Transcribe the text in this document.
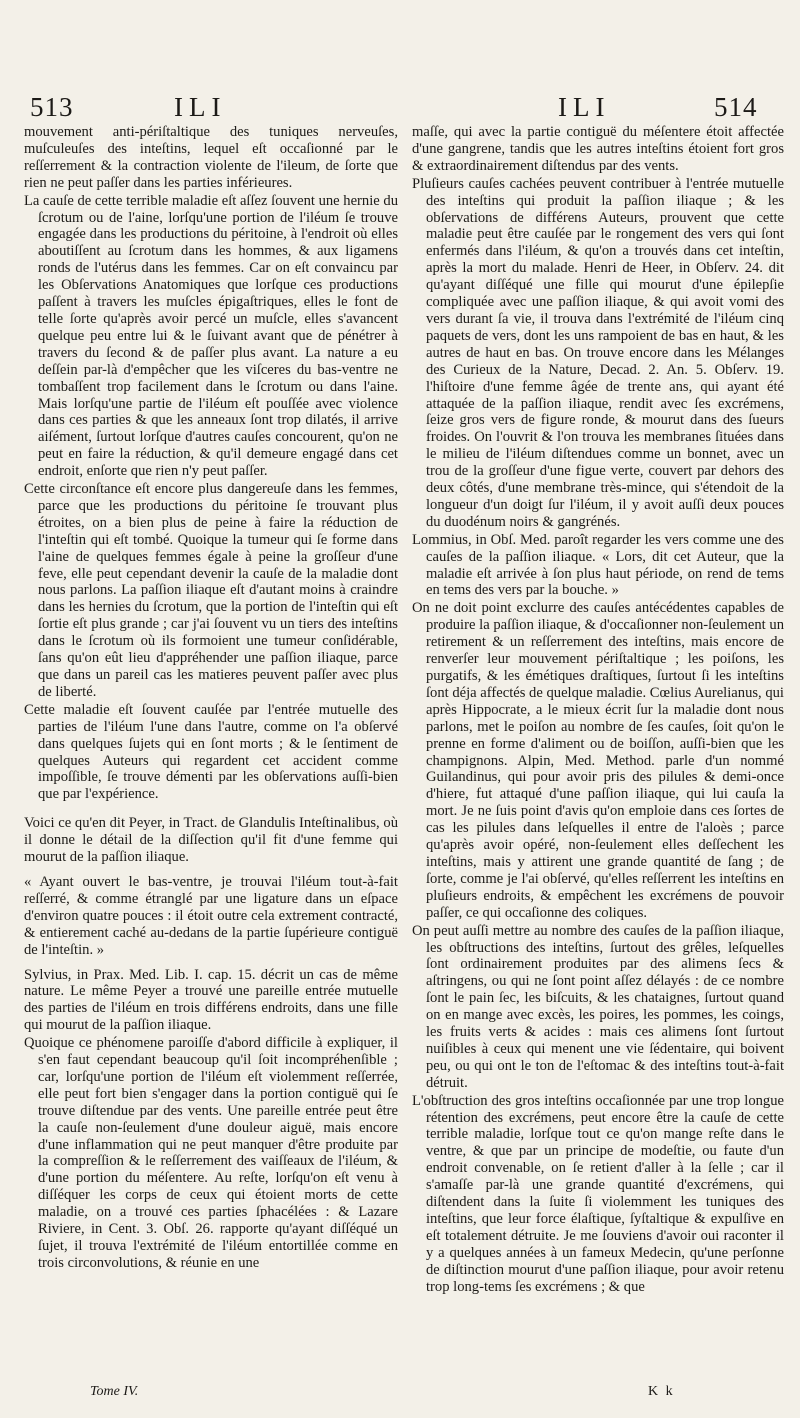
513	ILI	ILI	514

mouvement anti-périſtaltique des tuniques nerveuſes, muſculeuſes des inteſtins, lequel eſt occaſionné par le reſſerrement & la contraction violente de l'ileum, de ſorte que rien ne peut paſſer dans les parties inférieures.

La cauſe de cette terrible maladie eſt aſſez ſouvent une hernie du ſcrotum ou de l'aine, lorſqu'une portion de l'iléum ſe trouve engagée dans les productions du péritoine, à l'endroit où elles aboutiſſent au ſcrotum dans les hommes, & aux ligamens ronds de l'utérus dans les femmes. Car on eſt convaincu par les Obſervations Anatomiques que lorſque ces productions paſſent à travers les muſcles épigaſtriques, elles le font de telle ſorte qu'après avoir percé un muſcle, elles s'avancent quelque peu entre lui & le ſuivant avant que de pénétrer à travers du ſecond & de paſſer plus avant. La nature a eu deſſein par-là d'empêcher que les viſceres du bas-ventre ne tombaſſent trop facilement dans le ſcrotum ou dans l'aine. Mais lorſqu'une partie de l'iléum eſt pouſſée avec violence dans ces parties & que les anneaux ſont trop dilatés, il arrive aiſément, ſurtout lorſque d'autres cauſes concourent, qu'on ne peut en faire la réduction, & qu'il demeure engagé dans cet endroit, enſorte que rien n'y peut paſſer.

Cette circonſtance eſt encore plus dangereuſe dans les femmes, parce que les productions du péritoine ſe trouvant plus étroites, on a bien plus de peine à faire la réduction de l'inteſtin qui eſt tombé. Quoique la tumeur qui ſe forme dans l'aine de quelques femmes égale à peine la groſſeur d'une feve, elle peut cependant devenir la cauſe de la maladie dont nous parlons. La paſſion iliaque eſt d'autant moins à craindre dans les hernies du ſcrotum, que la portion de l'inteſtin qui eſt ſortie eſt plus grande ; car j'ai ſouvent vu un tiers des inteſtins dans le ſcrotum où ils formoient une tumeur conſidérable, ſans qu'on eût lieu d'appréhender une paſſion iliaque, parce que dans un pareil cas les matieres peuvent paſſer avec plus de liberté.

Cette maladie eſt ſouvent cauſée par l'entrée mutuelle des parties de l'iléum l'une dans l'autre, comme on l'a obſervé dans quelques ſujets qui en ſont morts ; & le ſentiment de quelques Auteurs qui regardent cet accident comme impoſſible, ſe trouve démenti par les obſervations auſſi-bien que par l'expérience.

Voici ce qu'en dit Peyer, in Tract. de Glandulis Inteſtinalibus, où il donne le détail de la diſſection qu'il fit d'une femme qui mourut de la paſſion iliaque.

« Ayant ouvert le bas-ventre, je trouvai l'iléum tout-à-fait reſſerré, & comme étranglé par une ligature dans un eſpace d'environ quatre pouces : il étoit outre cela extrement contracté, & entierement caché au-dedans de la partie ſupérieure contiguë de l'inteſtin. »

Sylvius, in Prax. Med. Lib. I. cap. 15. décrit un cas de même nature. Le même Peyer a trouvé une pareille entrée mutuelle des parties de l'iléum en trois différens endroits, dans une fille qui mourut de la paſſion iliaque.

Quoique ce phénomene paroiſſe d'abord difficile à expliquer, il s'en faut cependant beaucoup qu'il ſoit incompréhenſible ; car, lorſqu'une portion de l'iléum eſt violemment reſſerrée, elle peut fort bien s'engager dans la portion contiguë qui ſe trouve diſtendue par des vents. Une pareille entrée peut être la cauſe non-ſeulement d'une douleur aiguë, mais encore d'une inflammation qui ne peut manquer d'être produite par la compreſſion & le reſſerrement des vaiſſeaux de l'iléum, & d'une portion du méſentere. Au reſte, lorſqu'on eſt venu à diſſéquer les corps de ceux qui étoient morts de cette maladie, on a trouvé ces parties ſphacélées : & Lazare Riviere, in Cent. 3. Obſ. 26. rapporte qu'ayant diſſéqué un ſujet, il trouva l'extrémité de l'iléum entortillée comme en trois circonvolutions, & réunie en une

maſſe, qui avec la partie contiguë du méſentere étoit affectée d'une gangrene, tandis que les autres inteſtins étoient fort gros & extraordinairement diſtendus par des vents.

Pluſieurs cauſes cachées peuvent contribuer à l'entrée mutuelle des inteſtins qui produit la paſſion iliaque ; & les obſervations de différens Auteurs, prouvent que cette maladie peut être cauſée par le rongement des vers qui ſont enfermés dans l'iléum, & qu'on a trouvés dans cet inteſtin, après la mort du malade. Henri de Heer, in Obſerv. 24. dit qu'ayant diſſéqué une fille qui mourut d'une épilepſie compliquée avec une paſſion iliaque, & qui avoit vomi des vers durant ſa vie, il trouva dans l'extrémité de l'iléum cinq paquets de vers, dont les uns rampoient de bas en haut, & les autres de haut en bas. On trouve encore dans les Mélanges des Curieux de la Nature, Decad. 2. An. 5. Obſerv. 19. l'hiſtoire d'une femme âgée de trente ans, qui ayant été attaquée de la paſſion iliaque, rendit avec ſes excrémens, ſeize gros vers de figure ronde, & mourut dans des ſueurs froides. On l'ouvrit & l'on trouva les membranes ſituées dans le milieu de l'iléum diſtendues comme un bonnet, avec un trou de la groſſeur d'une figue verte, couvert par dehors des deux côtés, d'une membrane très-mince, qui s'étendoit de la longueur d'un doigt ſur l'iléum, il y avoit auſſi deux pouces du duodénum noirs & gangrénés.

Lommius, in Obſ. Med. paroît regarder les vers comme une des cauſes de la paſſion iliaque. « Lors, dit cet Auteur, que la maladie eſt arrivée à ſon plus haut période, on rend de tems en tems des vers par la bouche. »

On ne doit point exclurre des cauſes antécédentes capables de produire la paſſion iliaque, & d'occaſionner non-ſeulement un retirement & un reſſerrement des inteſtins, mais encore de renverſer leur mouvement périſtaltique ; les poiſons, les purgatifs, & les émétiques draſtiques, ſurtout ſi les inteſtins ſont déja affectés de quelque maladie. Cœlius Aurelianus, qui après Hippocrate, a le mieux écrit ſur la maladie dont nous parlons, met le poiſon au nombre de ſes cauſes, ſoit qu'on le prenne en forme d'aliment ou de boiſſon, auſſi-bien que les champignons. Alpin, Med. Method. parle d'un nommé Guilandinus, qui pour avoir pris des pilules & demi-once d'hiere, fut attaqué d'une paſſion iliaque, qui lui cauſa la mort. Je ne ſuis point d'avis qu'on emploie dans ces ſortes de cas les pilules dans leſquelles il entre de l'aloès ; parce qu'après avoir opéré, non-ſeulement elles deſſechent les inteſtins, mais y attirent une grande quantité de ſang ; de ſorte, comme je l'ai obſervé, qu'elles reſſerrent les inteſtins en pluſieurs endroits, & empêchent les excrémens de pouvoir paſſer, ce qui occaſionne des coliques.

On peut auſſi mettre au nombre des cauſes de la paſſion iliaque, les obſtructions des inteſtins, ſurtout des grêles, leſquelles ſont ordinairement produites par des alimens ſecs & aſtringens, ou qui ne ſont point aſſez délayés : de ce nombre ſont le pain ſec, les biſcuits, & les chataignes, ſurtout quand on en mange avec excès, les poires, les pommes, les coings, les fruits verts & acides : mais ces alimens ſont ſurtout nuiſibles à ceux qui menent une vie ſédentaire, qui boivent peu, ou qui ont le ton de l'eſtomac & des inteſtins tout-à-fait détruit.

L'obſtruction des gros inteſtins occaſionnée par une trop longue rétention des excrémens, peut encore être la cauſe de cette terrible maladie, lorſque tout ce qu'on mange reſte dans le ventre, & que par un principe de modeſtie, ou faute d'un endroit convenable, on ſe retient d'aller à la ſelle ; car il s'amaſſe par-là une grande quantité d'excrémens, qui diſtendent dans la ſuite ſi violemment les tuniques des inteſtins, que leur force élaſtique, ſyſtaltique & expulſive en eſt totalement détruite. Je me ſouviens d'avoir oui raconter il y a quelques années à un fameux Medecin, qu'une perſonne de diſtinction mourut d'une paſſion iliaque, pour avoir retenu trop long-tems ſes excrémens ; & que

Tome IV.	K k
